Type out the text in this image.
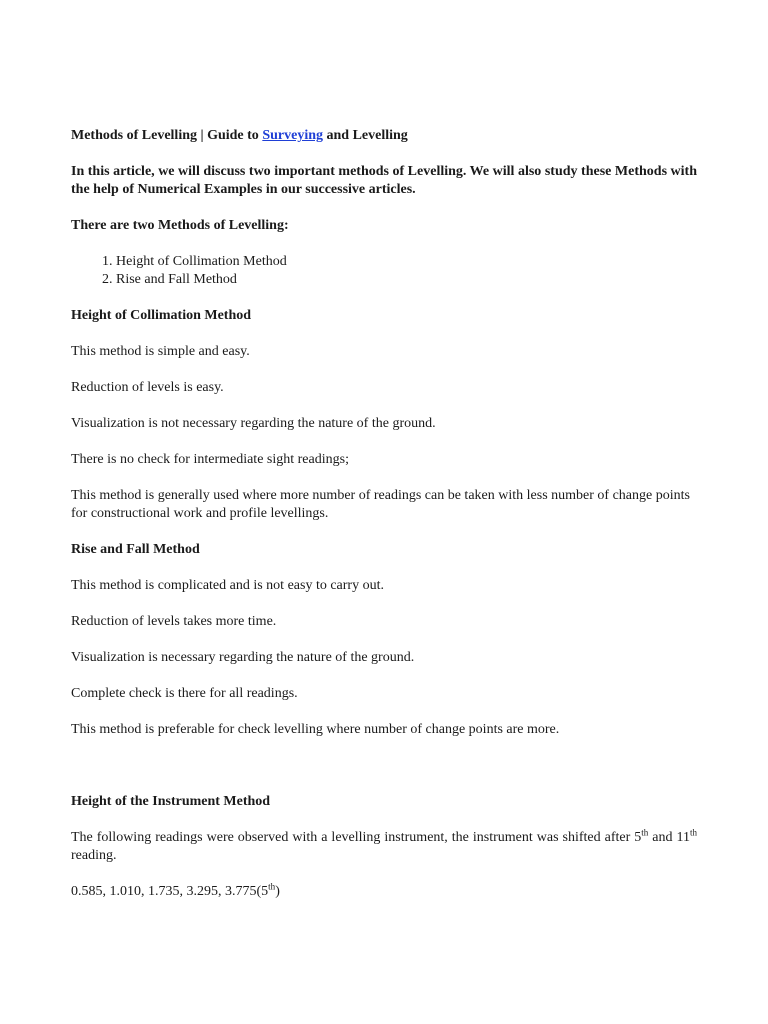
Methods of Levelling | Guide to Surveying and Levelling

In this article, we will discuss two important methods of Levelling. We will also study these Methods with the help of Numerical Examples in our successive articles.

There are two Methods of Levelling:

1. Height of Collimation Method
2. Rise and Fall Method

Height of Collimation Method

This method is simple and easy.

Reduction of levels is easy.

Visualization is not necessary regarding the nature of the ground.

There is no check for intermediate sight readings;

This method is generally used where more number of readings can be taken with less number of change points for constructional work and profile levellings.

Rise and Fall Method

This method is complicated and is not easy to carry out.

Reduction of levels takes more time.

Visualization is necessary regarding the nature of the ground.

Complete check is there for all readings.

This method is preferable for check levelling where number of change points are more.

Height of the Instrument Method

The following readings were observed with a levelling instrument, the instrument was shifted after 5th and 11th reading.

0.585, 1.010, 1.735, 3.295, 3.775(5th)
